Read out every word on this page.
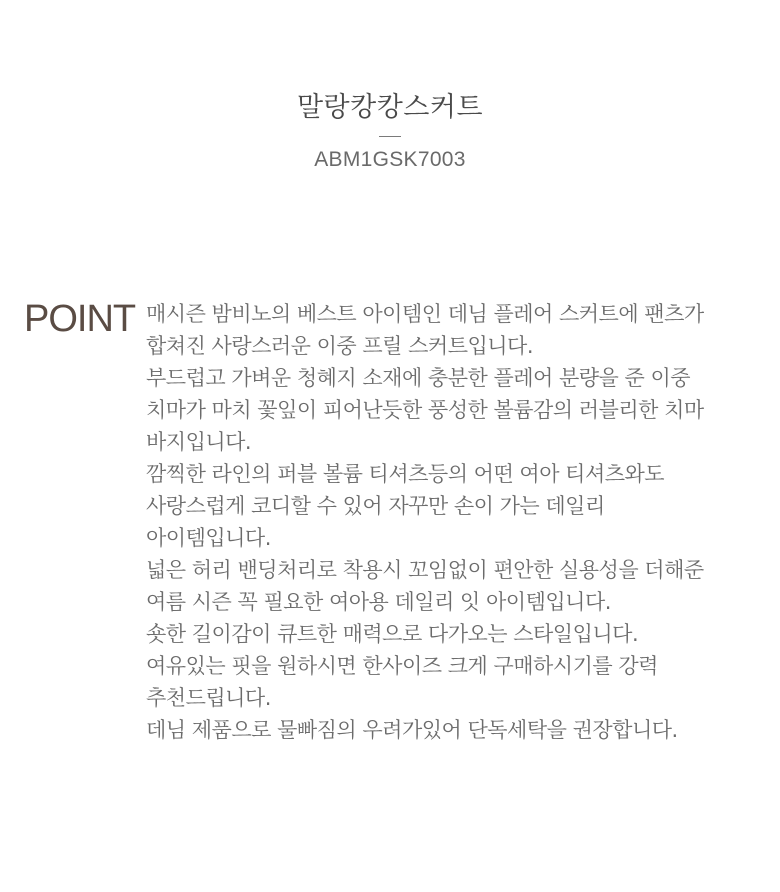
말랑캉캉스커트
ABM1GSK7003
POINT 매시즌 밤비노의 베스트 아이템인 데님 플레어 스커트에 팬츠가
합쳐진 사랑스러운 이중 프릴 스커트입니다.
부드럽고 가벼운 청혜지 소재에 충분한 플레어 분량을 준 이중
치마가 마치 꽃잎이 피어난듯한 풍성한 볼륨감의 러블리한 치마
바지입니다.
깜찍한 라인의 퍼블 볼륨 티셔츠등의 어떤 여아 티셔츠와도
사랑스럽게 코디할 수 있어 자꾸만 손이 가는 데일리
아이템입니다.
넓은 허리 밴딩처리로 착용시 꼬임없이 편안한 실용성을 더해준
여름 시즌 꼭 필요한 여아용 데일리 잇 아이템입니다.
숏한 길이감이 큐트한 매력으로 다가오는 스타일입니다.
여유있는 핏을 원하시면 한사이즈 크게 구매하시기를 강력
추천드립니다.
데님 제품으로 물빠짐의 우려가있어 단독세탁을 권장합니다.
